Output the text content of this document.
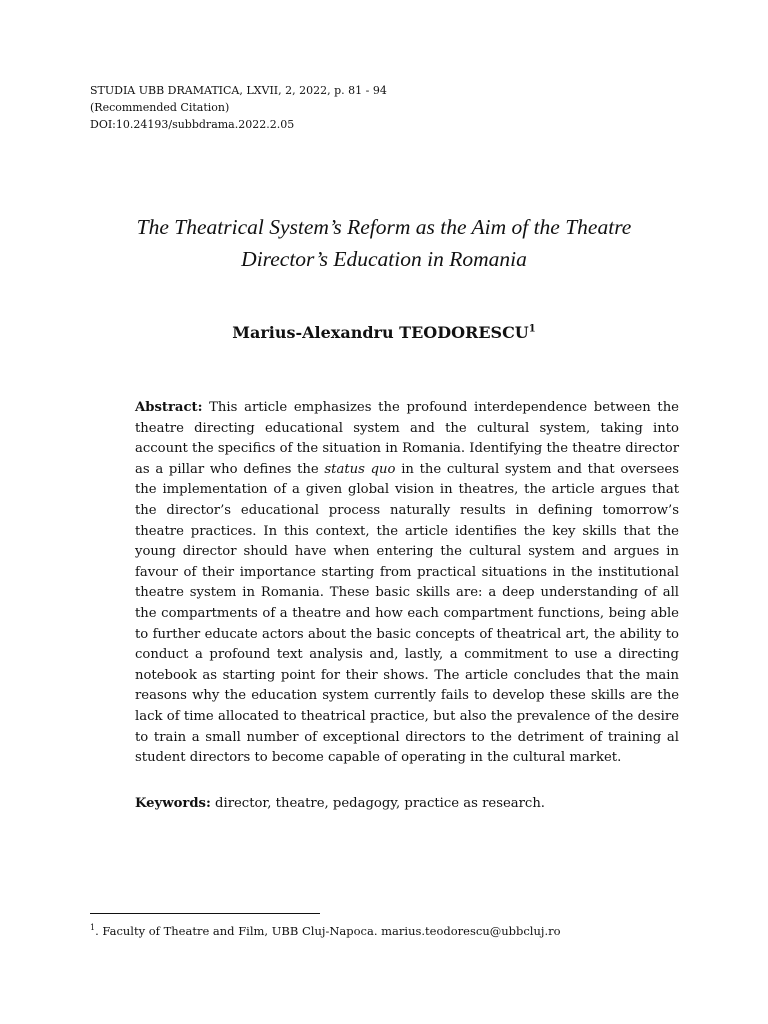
STUDIA UBB DRAMATICA, LXVII, 2, 2022, p. 81 - 94
(Recommended Citation)
DOI:10.24193/subbdrama.2022.2.05
The Theatrical System’s Reform as the Aim of the Theatre
Director’s Education in Romania
Marius-Alexandru TEODORESCU$^1$
Abstract: This article emphasizes the profound interdependence between the theatre directing educational system and the cultural system, taking into account the specifics of the situation in Romania. Identifying the theatre director as a pillar who defines the status quo in the cultural system and that oversees the implementation of a given global vision in theatres, the article argues that the director’s educational process naturally results in defining tomorrow’s theatre practices. In this context, the article identifies the key skills that the young director should have when entering the cultural system and argues in favour of their importance starting from practical situations in the institutional theatre system in Romania. These basic skills are: a deep understanding of all the compartments of a theatre and how each compartment functions, being able to further educate actors about the basic concepts of theatrical art, the ability to conduct a profound text analysis and, lastly, a commitment to use a directing notebook as starting point for their shows. The article concludes that the main reasons why the education system currently fails to develop these skills are the lack of time allocated to theatrical practice, but also the prevalence of the desire to train a small number of exceptional directors to the detriment of training al student directors to become capable of operating in the cultural market.
Keywords: director, theatre, pedagogy, practice as research.
$^1$. Faculty of Theatre and Film, UBB Cluj-Napoca. marius.teodorescu@ubbcluj.ro
